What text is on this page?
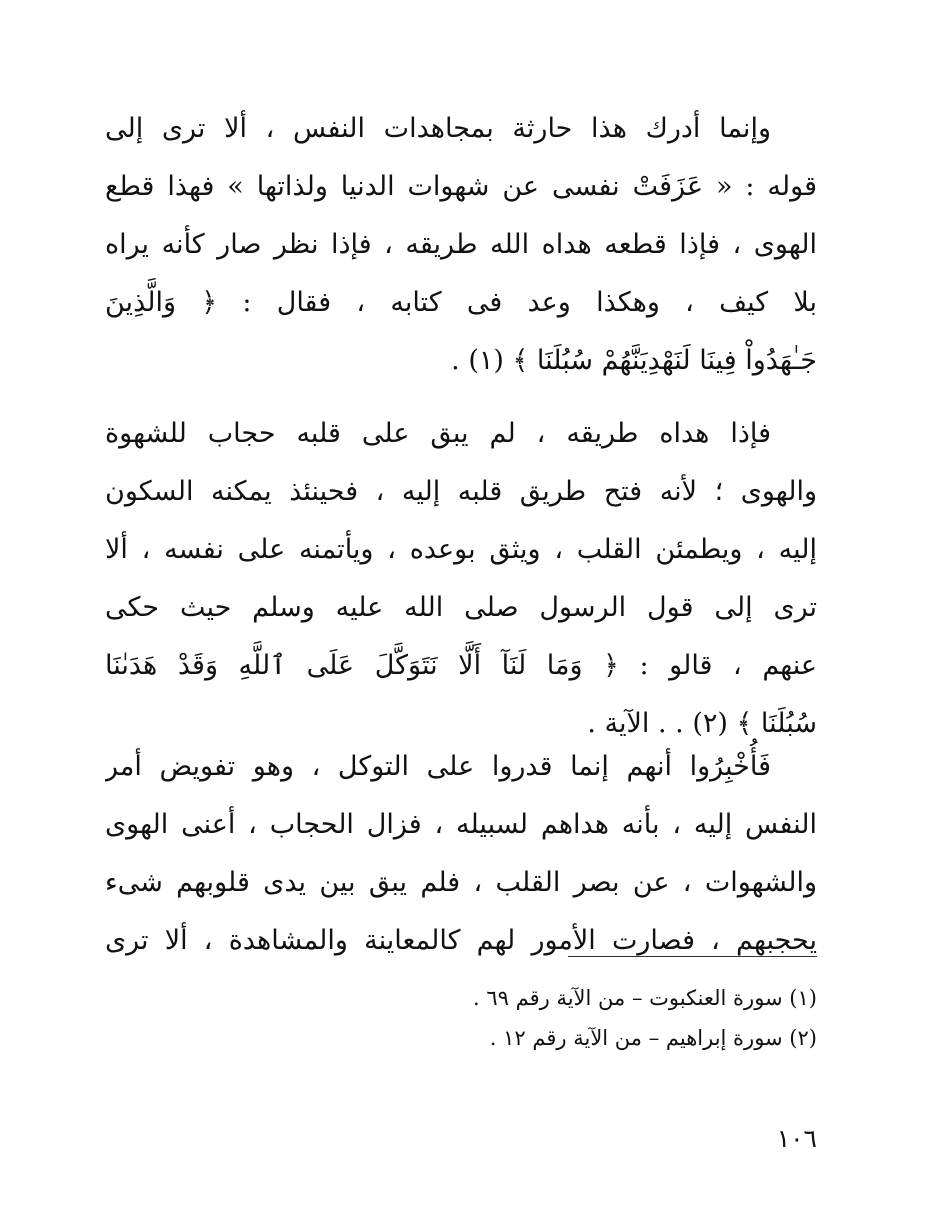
وإنما أدرك هذا حارثة بمجاهدات النفس ، ألا ترى إلى
قوله : « عَزَفَتْ نفسى عن شهوات الدنيا ولذاتها » فهذا قطع
الهوى ، فإذا قطعه هداه الله طريقه ، فإذا نظر صار كأنه يراه
بلا كيف ، وهكذا وعد فى كتابه ، فقال : ﴿ وَالَّذِينَ
جَـٰهَدُواْ فِينَا لَنَهْدِيَنَّهُمْ سُبُلَنَا ﴾ (١) .
فإذا هداه طريقه ، لم يبق على قلبه حجاب للشهوة
والهوى ؛ لأنه فتح طريق قلبه إليه ، فحينئذ يمكنه السكون
إليه ، ويطمئن القلب ، ويثق بوعده ، ويأتمنه على نفسه ، ألا
ترى إلى قول الرسول صلى الله عليه وسلم حيث حكى
عنهم ، قالو : ﴿ وَمَا لَنَآ أَلَّا نَتَوَكَّلَ عَلَى ٱللَّهِ وَقَدْ هَدَىٰنَا
سُبُلَنَا ﴾ (٢) . . الآية .
فَأُخْبِرُوا أنهم إنما قدروا على التوكل ، وهو تفويض أمر
النفس إليه ، بأنه هداهم لسبيله ، فزال الحجاب ، أعنى الهوى
والشهوات ، عن بصر القلب ، فلم يبق بين يدى قلوبهم شىء
يحجبهم ، فصارت الأمور لهم كالمعاينة والمشاهدة ، ألا ترى
(١) سورة العنكبوت – من الآية رقم ٦٩ .
(٢) سورة إبراهيم – من الآية رقم ١٢ .
١٠٦
